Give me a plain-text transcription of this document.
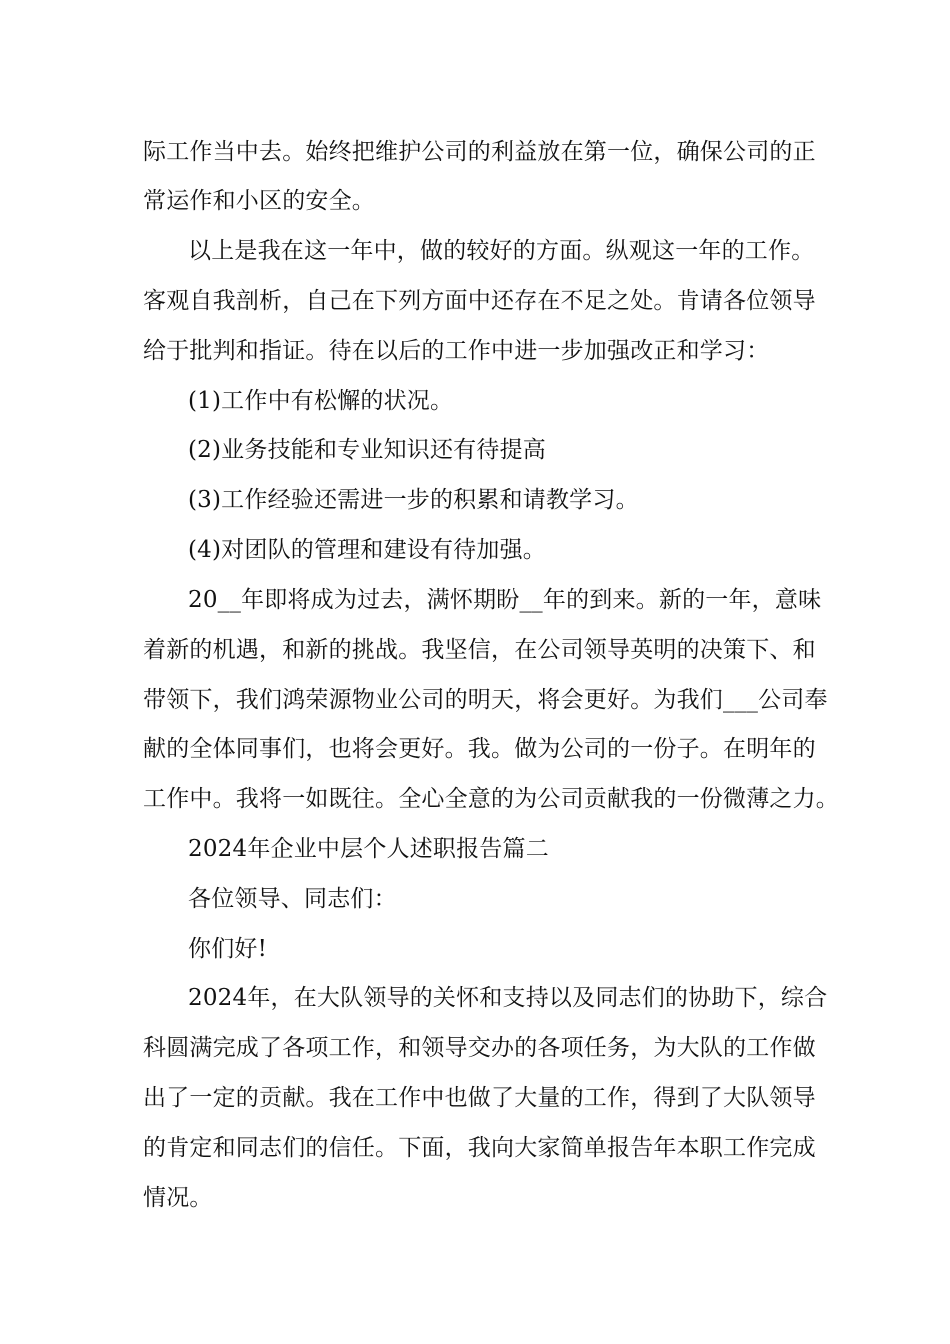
际工作当中去。始终把维护公司的利益放在第一位，确保公司的正
常运作和小区的安全。
以上是我在这一年中，做的较好的方面。纵观这一年的工作。
客观自我剖析，自己在下列方面中还存在不足之处。肯请各位领导
给于批判和指证。待在以后的工作中进一步加强改正和学习：
(1)工作中有松懈的状况。
(2)业务技能和专业知识还有待提高
(3)工作经验还需进一步的积累和请教学习。
(4)对团队的管理和建设有待加强。
20__年即将成为过去，满怀期盼__年的到来。新的一年，意味
着新的机遇，和新的挑战。我坚信，在公司领导英明的决策下、和
带领下，我们鸿荣源物业公司的明天，将会更好。为我们___公司奉
献的全体同事们，也将会更好。我。做为公司的一份子。在明年的
工作中。我将一如既往。全心全意的为公司贡献我的一份微薄之力。
2024年企业中层个人述职报告篇二
各位领导、同志们：
你们好!
2024年，在大队领导的关怀和支持以及同志们的协助下，综合
科圆满完成了各项工作，和领导交办的各项任务，为大队的工作做
出了一定的贡献。我在工作中也做了大量的工作，得到了大队领导
的肯定和同志们的信任。下面，我向大家简单报告年本职工作完成
情况。
